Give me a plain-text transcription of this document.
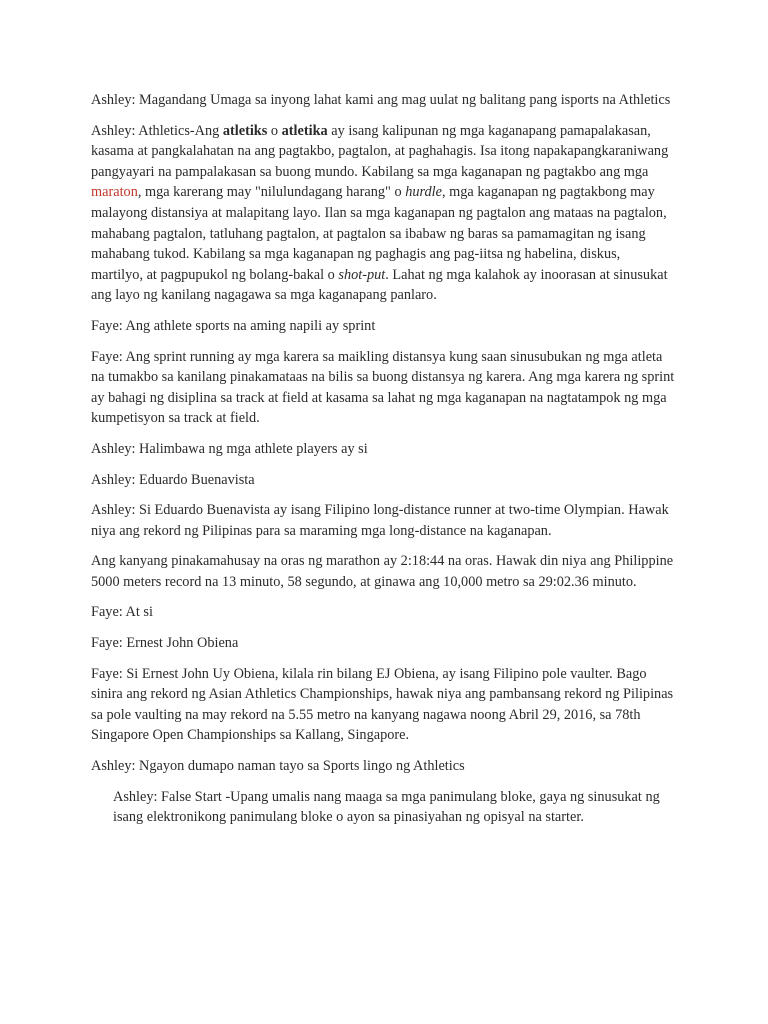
Ashley: Magandang Umaga sa inyong lahat kami ang mag uulat ng balitang pang isports na Athletics

Ashley: Athletics-Ang atletiks o atletika ay isang kalipunan ng mga kaganapang pamapalakasan, kasama at pangkalahatan na ang pagtakbo, pagtalon, at paghahagis. Isa itong napakapangkaraniwang pangyayari na pampalakasan sa buong mundo. Kabilang sa mga kaganapan ng pagtakbo ang mga maraton, mga karerang may "nilulundagang harang" o hurdle, mga kaganapan ng pagtakbong may malayong distansiya at malapitang layo. Ilan sa mga kaganapan ng pagtalon ang mataas na pagtalon, mahabang pagtalon, tatluhang pagtalon, at pagtalon sa ibabaw ng baras sa pamamagitan ng isang mahabang tukod. Kabilang sa mga kaganapan ng paghagis ang pag-iitsa ng habelina, diskus, martilyo, at pagpupukol ng bolang-bakal o shot-put. Lahat ng mga kalahok ay inoorasan at sinusukat ang layo ng kanilang nagagawa sa mga kaganapang panlaro.

Faye: Ang athlete sports na aming napili ay sprint

Faye: Ang sprint running ay mga karera sa maikling distansya kung saan sinusubukan ng mga atleta na tumakbo sa kanilang pinakamataas na bilis sa buong distansya ng karera. Ang mga karera ng sprint ay bahagi ng disiplina sa track at field at kasama sa lahat ng mga kaganapan na nagtatampok ng mga kumpetisyon sa track at field.

Ashley: Halimbawa ng mga athlete players ay si

Ashley: Eduardo Buenavista

Ashley: Si Eduardo Buenavista ay isang Filipino long-distance runner at two-time Olympian. Hawak niya ang rekord ng Pilipinas para sa maraming mga long-distance na kaganapan.

Ang kanyang pinakamahusay na oras ng marathon ay 2:18:44 na oras. Hawak din niya ang Philippine 5000 meters record na 13 minuto, 58 segundo, at ginawa ang 10,000 metro sa 29:02.36 minuto.

Faye: At si

Faye: Ernest John Obiena

Faye: Si Ernest John Uy Obiena, kilala rin bilang EJ Obiena, ay isang Filipino pole vaulter. Bago sinira ang rekord ng Asian Athletics Championships, hawak niya ang pambansang rekord ng Pilipinas sa pole vaulting na may rekord na 5.55 metro na kanyang nagawa noong Abril 29, 2016, sa 78th Singapore Open Championships sa Kallang, Singapore.

Ashley: Ngayon dumapo naman tayo sa Sports lingo ng Athletics

Ashley: False Start -Upang umalis nang maaga sa mga panimulang bloke, gaya ng sinusukat ng isang elektronikong panimulang bloke o ayon sa pinasiyahan ng opisyal na starter.
